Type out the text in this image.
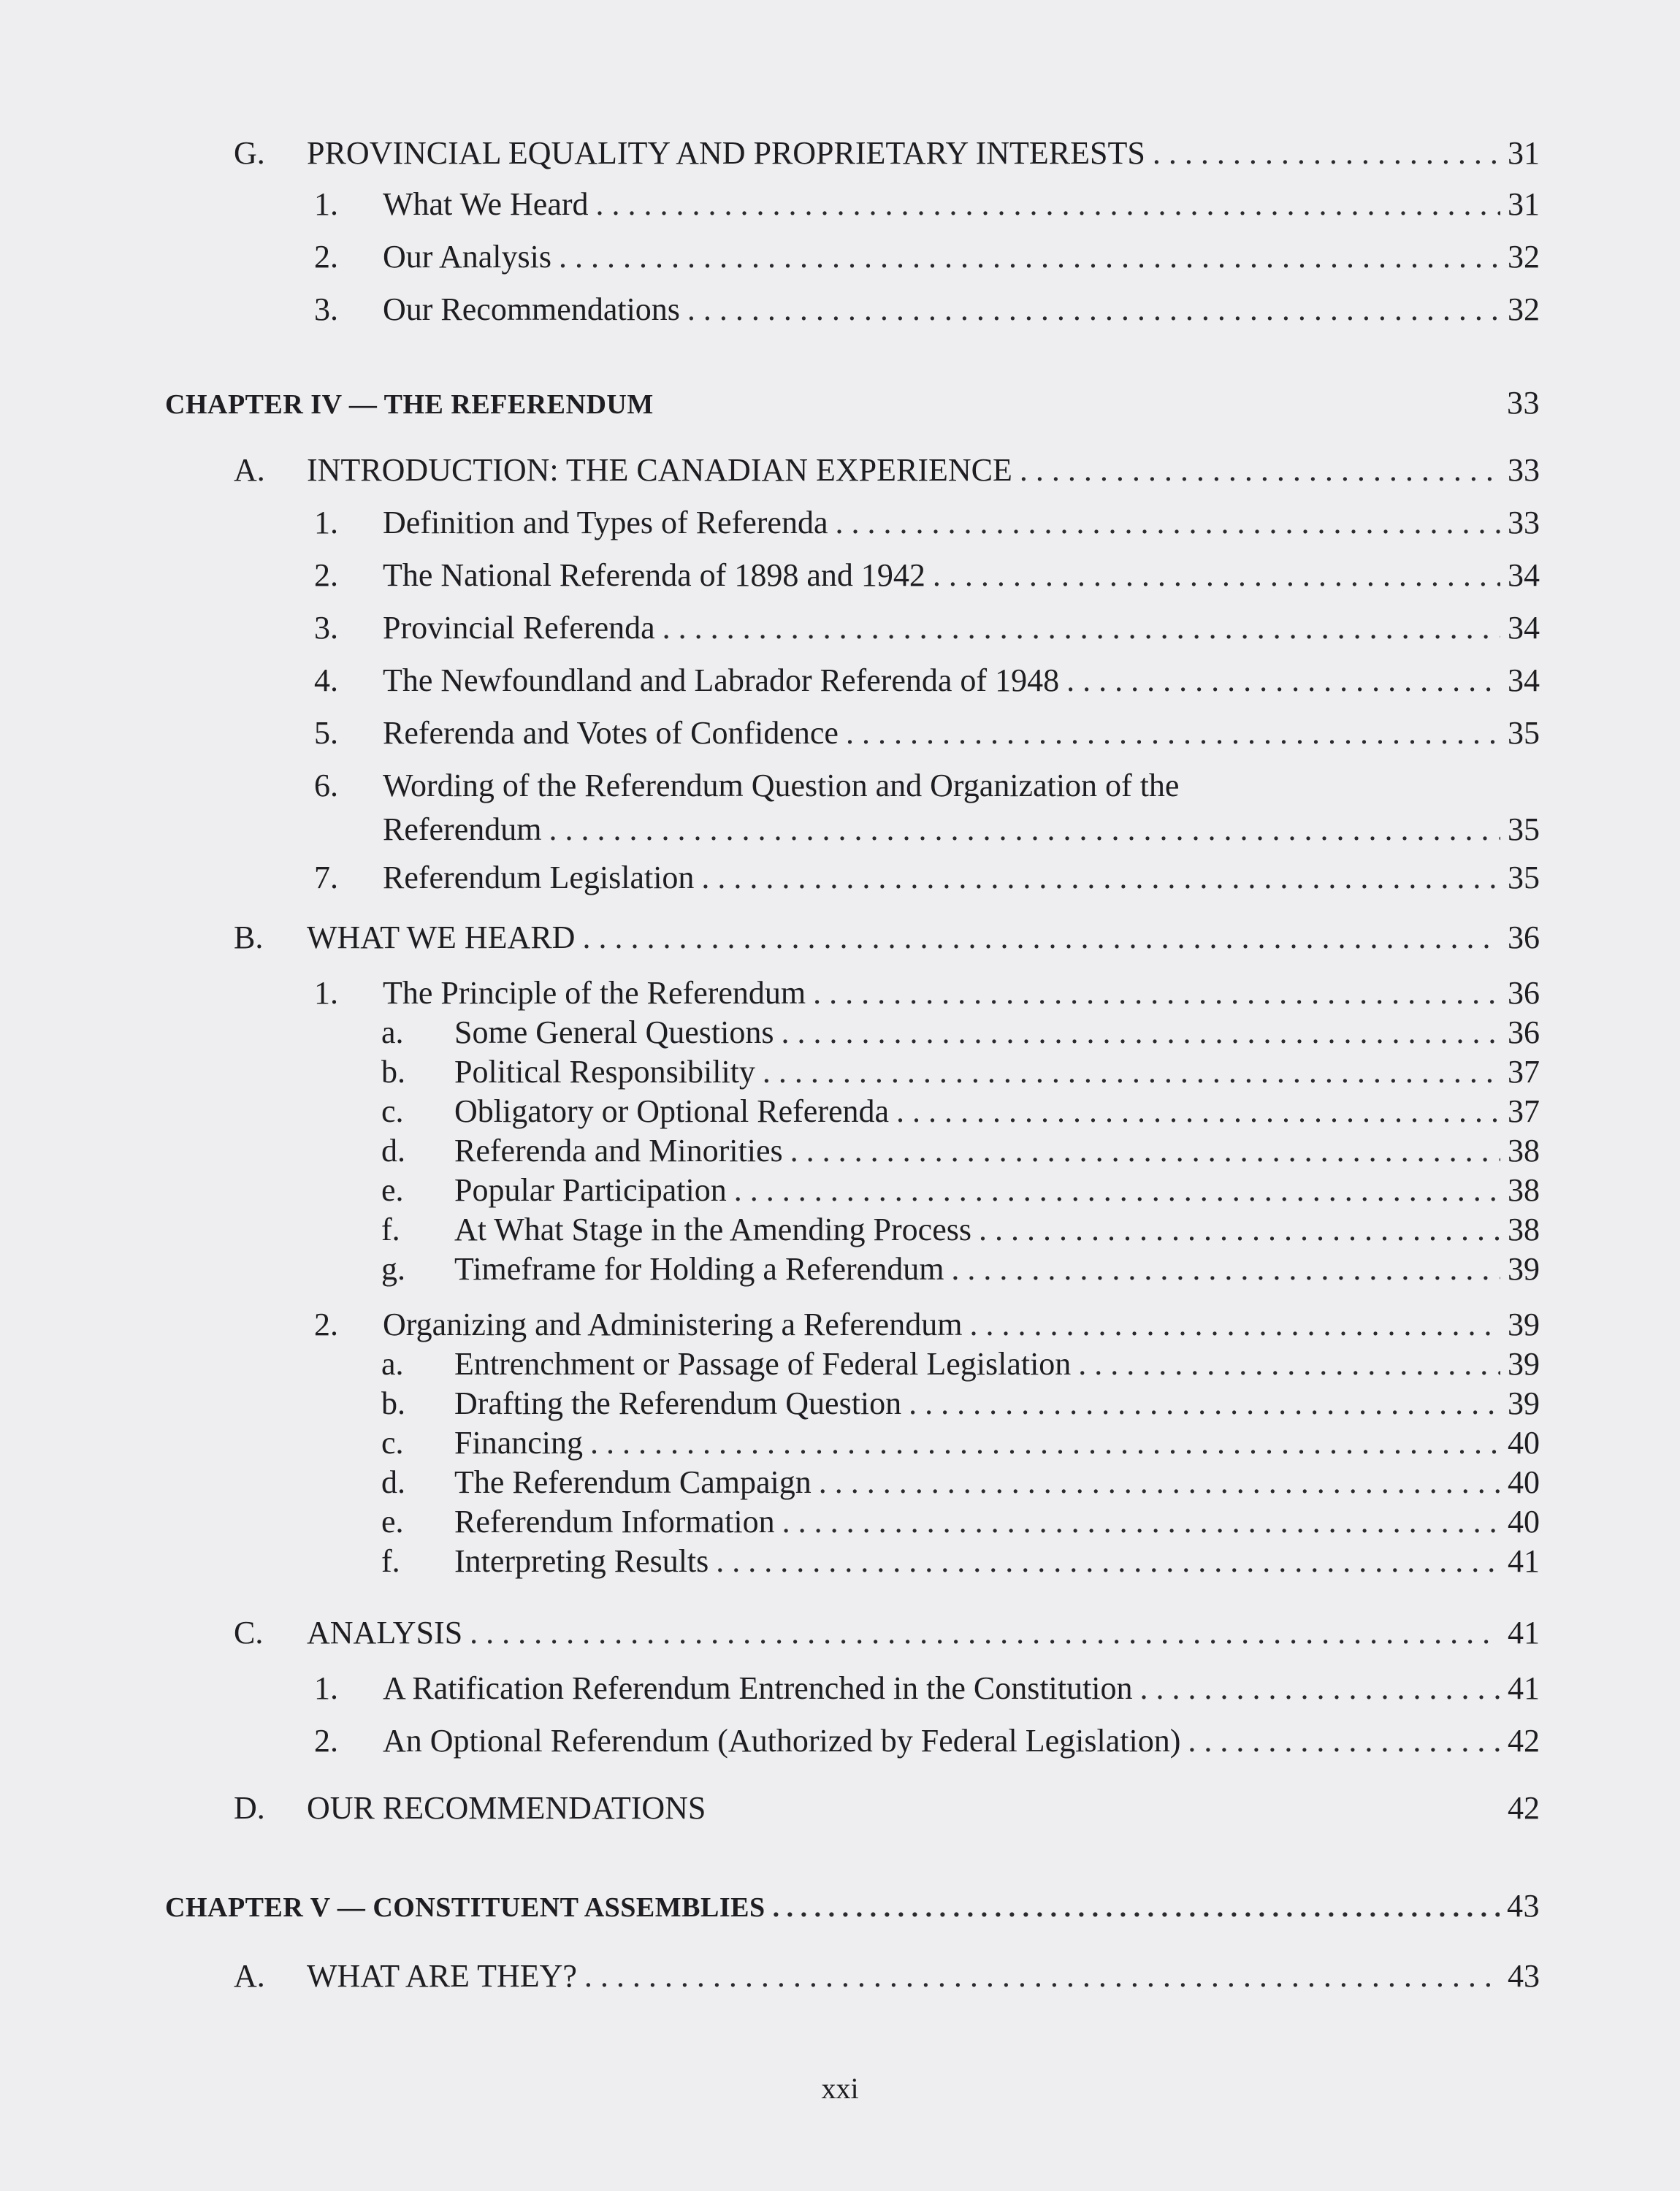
G.	PROVINCIAL EQUALITY AND PROPRIETARY INTERESTS . . .	31
1.	What We Heard . . .	31
2.	Our Analysis . . .	32
3.	Our Recommendations . . .	32
CHAPTER IV — THE REFERENDUM	33
A.	INTRODUCTION: THE CANADIAN EXPERIENCE . . .	33
1.	Definition and Types of Referenda . . .	33
2.	The National Referenda of 1898 and 1942 . . .	34
3.	Provincial Referenda . . .	34
4.	The Newfoundland and Labrador Referenda of 1948 . . .	34
5.	Referenda and Votes of Confidence . . .	35
6. Wording of the Referendum Question and Organization of the
Referendum . . .	35
7.	Referendum Legislation . . .	35
B.	WHAT WE HEARD . . .	36
1.	The Principle of the Referendum . . .	36
a.	Some General Questions . . .	36
b.	Political Responsibility . . .	37
c.	Obligatory or Optional Referenda . . .	37
d.	Referenda and Minorities . . .	38
e.	Popular Participation . . .	38
f.	At What Stage in the Amending Process . . .	38
g.	Timeframe for Holding a Referendum . . .	39
2.	Organizing and Administering a Referendum . . .	39
a.	Entrenchment or Passage of Federal Legislation . . .	39
b.	Drafting the Referendum Question . . .	39
c.	Financing . . .	40
d.	The Referendum Campaign . . .	40
e.	Referendum Information . . .	40
f.	Interpreting Results . . .	41
C.	ANALYSIS . . .	41
1.	A Ratification Referendum Entrenched in the Constitution . . .	41
2.	An Optional Referendum (Authorized by Federal Legislation) . . .	42
D.	OUR RECOMMENDATIONS	42
CHAPTER V — CONSTITUENT ASSEMBLIES . . .	43
A.	WHAT ARE THEY? . . .	43
xxi
